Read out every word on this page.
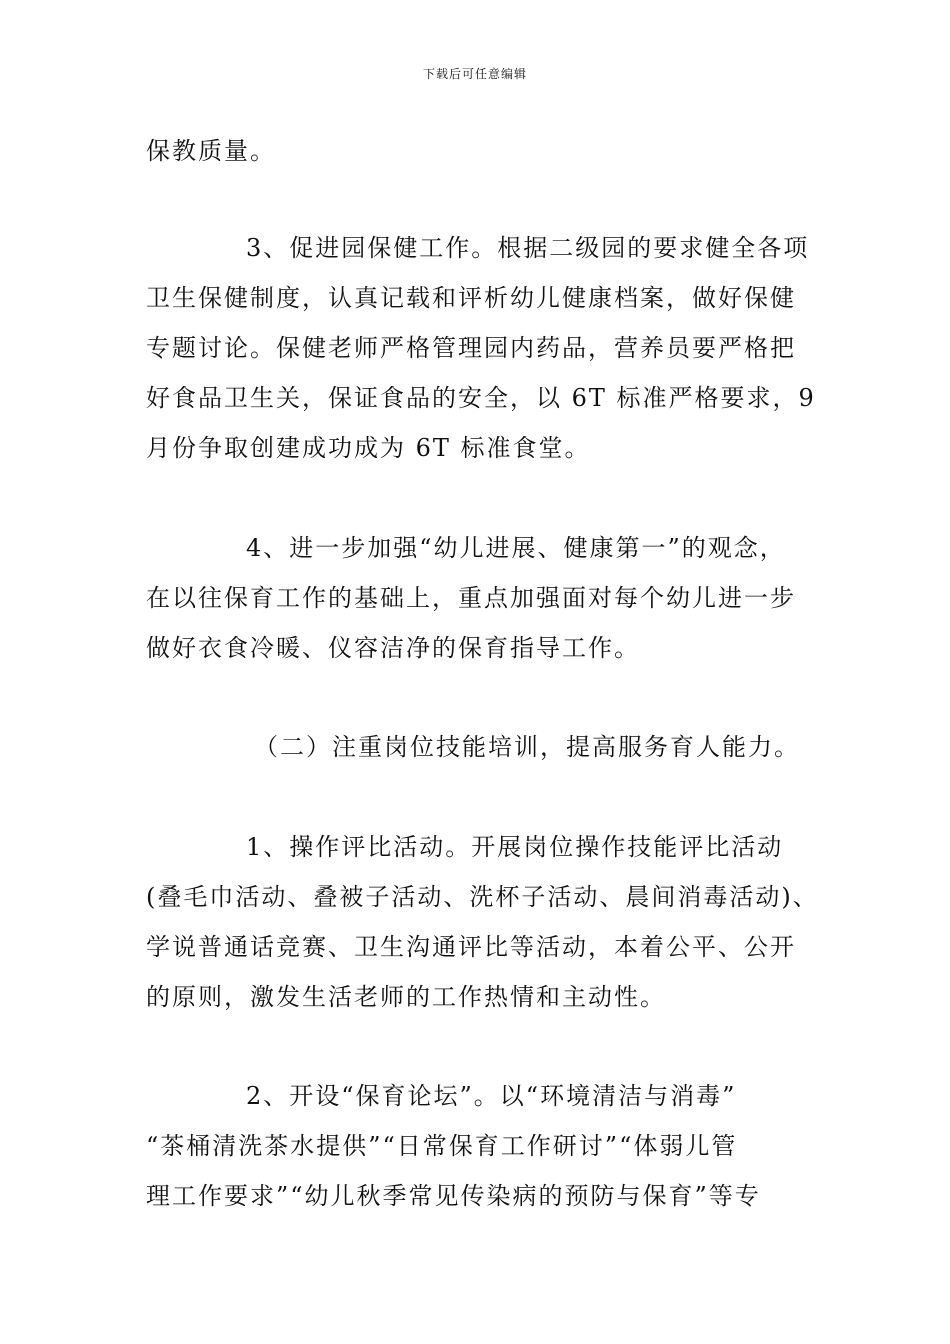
下载后可任意编辑
保教质量。
3、促进园保健工作。根据二级园的要求健全各项
卫生保健制度，认真记载和评析幼儿健康档案，做好保健
专题讨论。保健老师严格管理园内药品，营养员要严格把
好食品卫生关，保证食品的安全，以 6T 标准严格要求，9
月份争取创建成功成为 6T 标准食堂。
4、进一步加强“幼儿进展、健康第一”的观念，
在以往保育工作的基础上，重点加强面对每个幼儿进一步
做好衣食冷暖、仪容洁净的保育指导工作。
（二）注重岗位技能培训，提高服务育人能力。
1、操作评比活动。开展岗位操作技能评比活动
(叠毛巾活动、叠被子活动、洗杯子活动、晨间消毒活动)、
学说普通话竞赛、卫生沟通评比等活动，本着公平、公开
的原则，激发生活老师的工作热情和主动性。
2、开设“保育论坛”。以“环境清洁与消毒”
“茶桶清洗茶水提供”“日常保育工作研讨”“体弱儿管
理工作要求”“幼儿秋季常见传染病的预防与保育”等专
